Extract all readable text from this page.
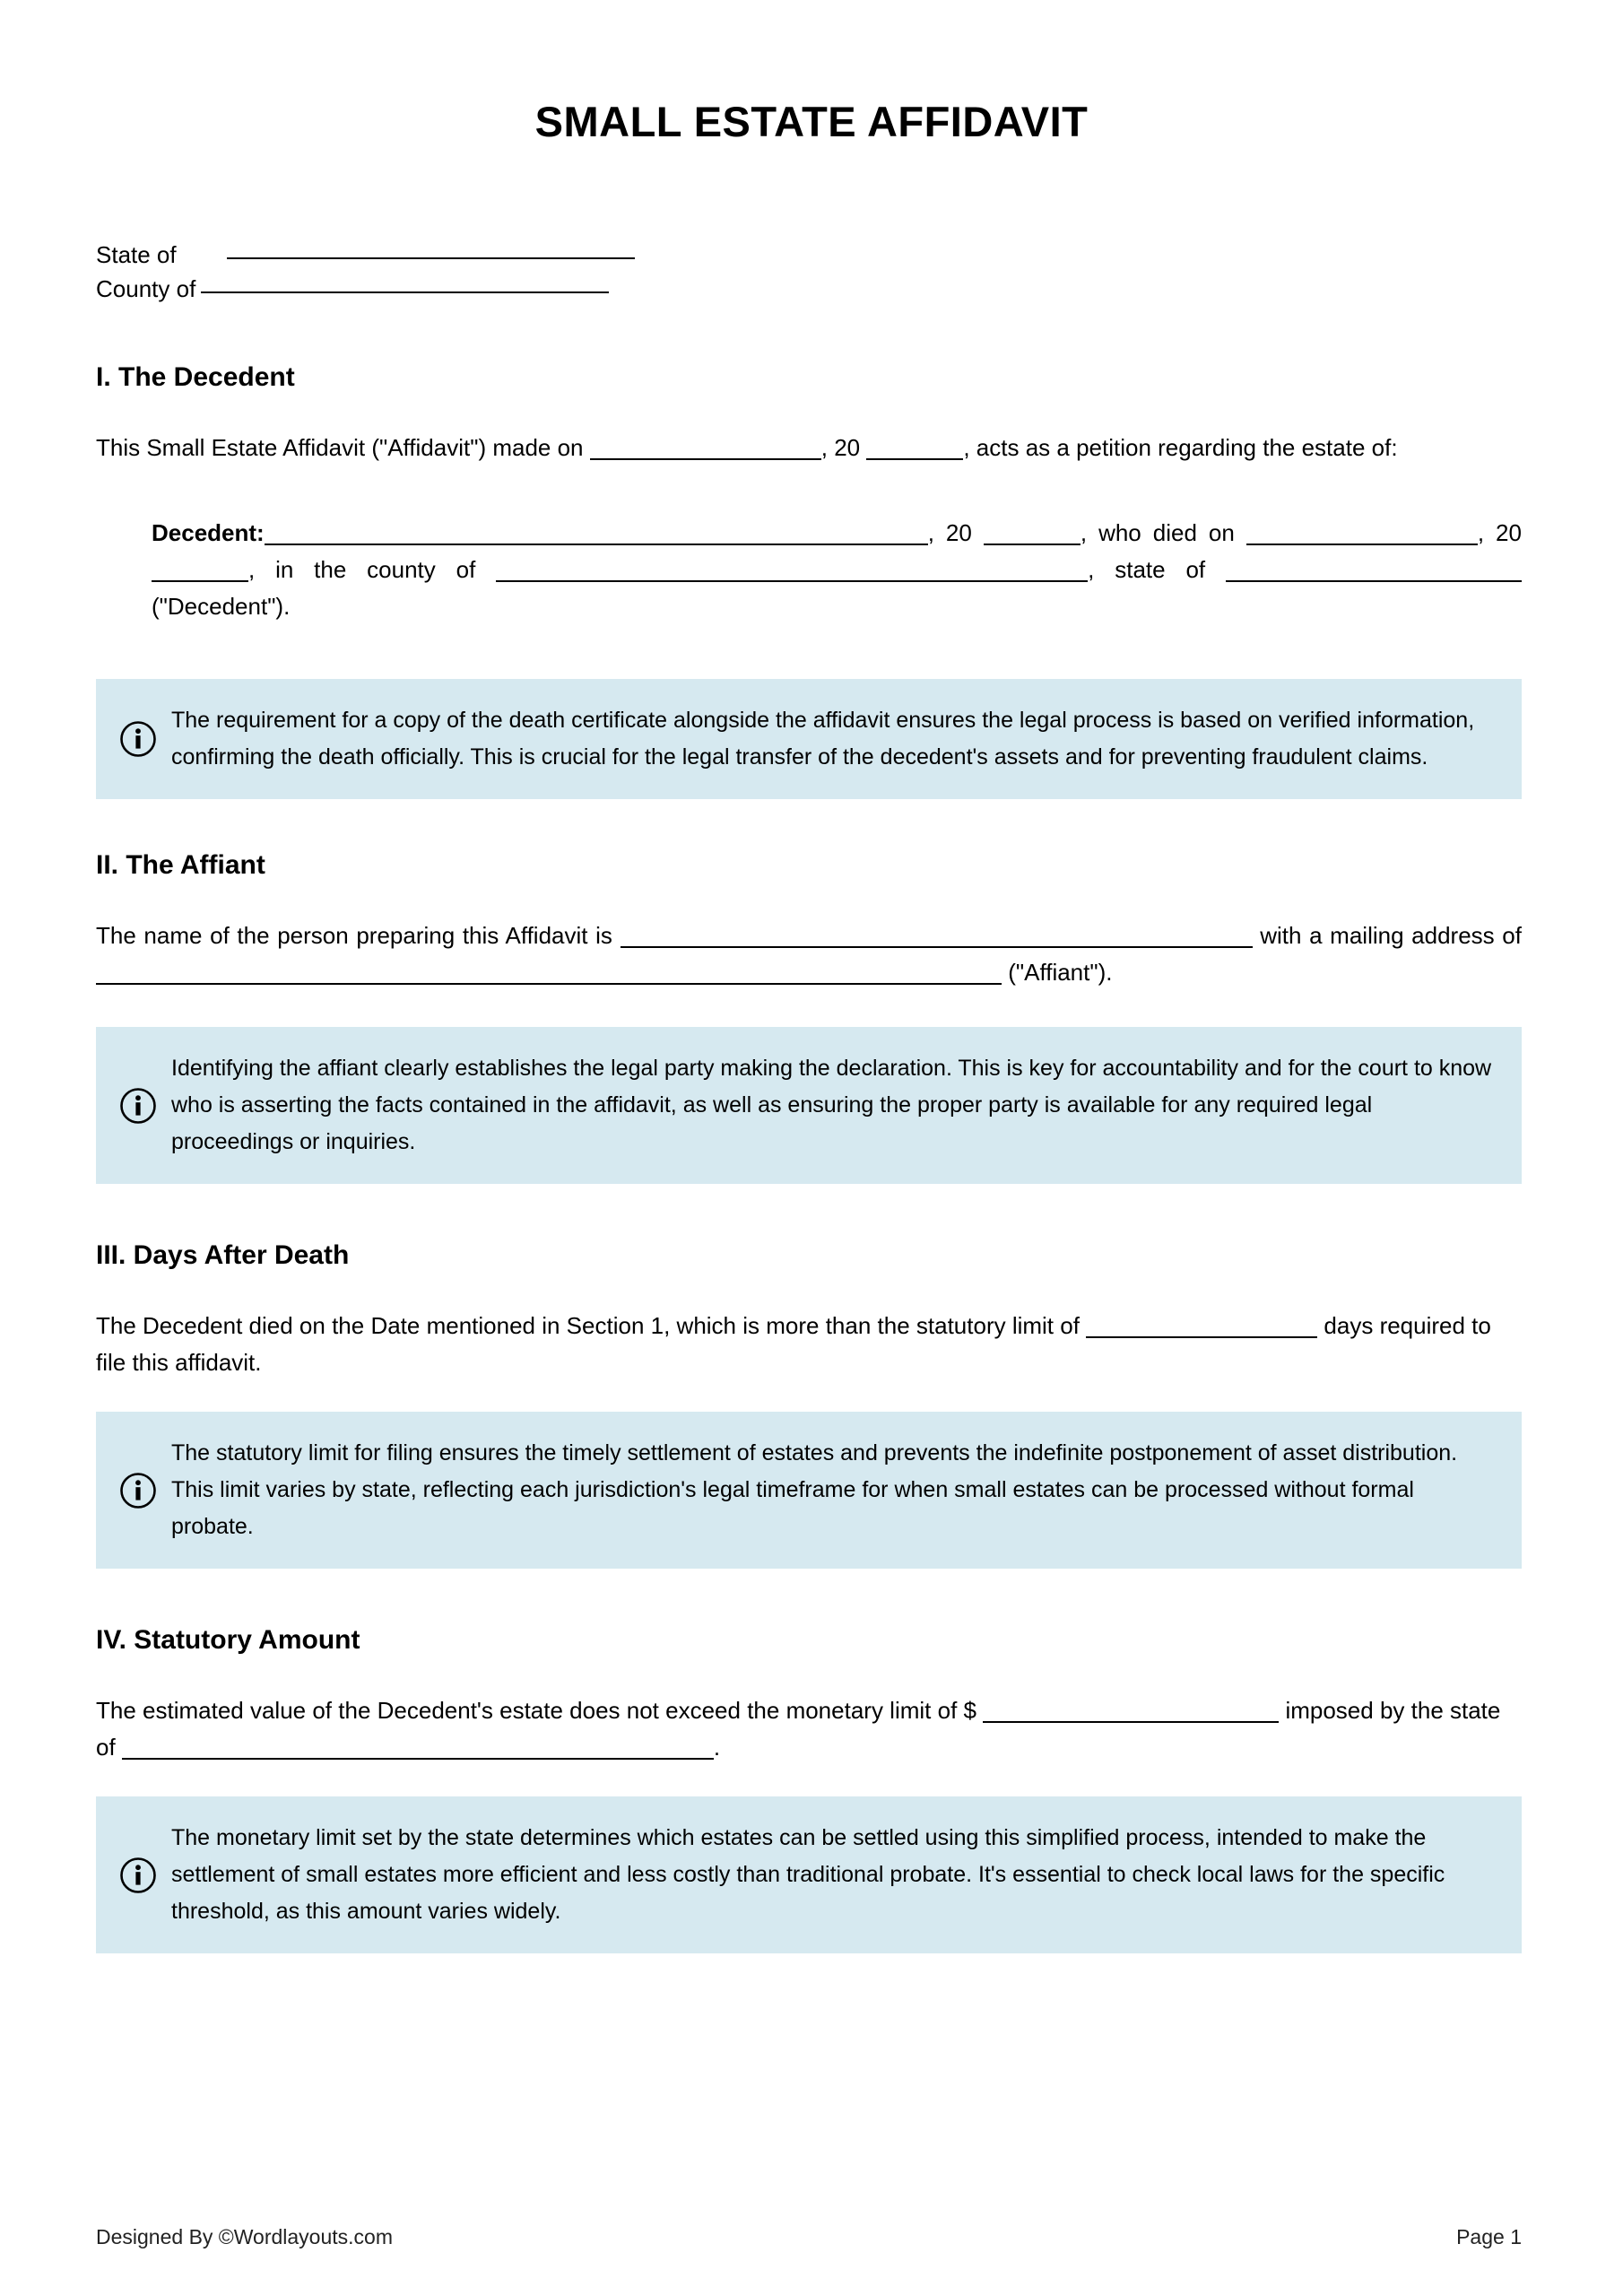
SMALL ESTATE AFFIDAVIT
State of
County of
I. The Decedent

This Small Estate Affidavit ("Affidavit") made on	, 20	, acts as a petition regarding the estate of:

Decedent:	, 20	, who died on	, 20 , in the county of	, state of  ("Decedent").

The requirement for a copy of the death certificate alongside the affidavit ensures the legal process is based on verified information, confirming the death officially. This is crucial for the legal transfer of the decedent's assets and for preventing fraudulent claims.
II. The Affiant

The name of the person preparing this Affidavit is	with a mailing address of  ("Affiant").

Identifying the affiant clearly establishes the legal party making the declaration. This is key for accountability and for the court to know who is asserting the facts contained in the affidavit, as well as ensuring the proper party is available for any required legal proceedings or inquiries.
III. Days After Death

The Decedent died on the Date mentioned in Section 1, which is more than the statutory limit of	days required to file this affidavit.

The statutory limit for filing ensures the timely settlement of estates and prevents the indefinite postponement of asset distribution. This limit varies by state, reflecting each jurisdiction's legal timeframe for when small estates can be processed without formal probate.
IV. Statutory Amount

The estimated value of the Decedent's estate does not exceed the monetary limit of $	imposed by the state of	.

The monetary limit set by the state determines which estates can be settled using this simplified process, intended to make the settlement of small estates more efficient and less costly than traditional probate. It's essential to check local laws for the specific threshold, as this amount varies widely.
Designed By ©Wordlayouts.com	Page 1
